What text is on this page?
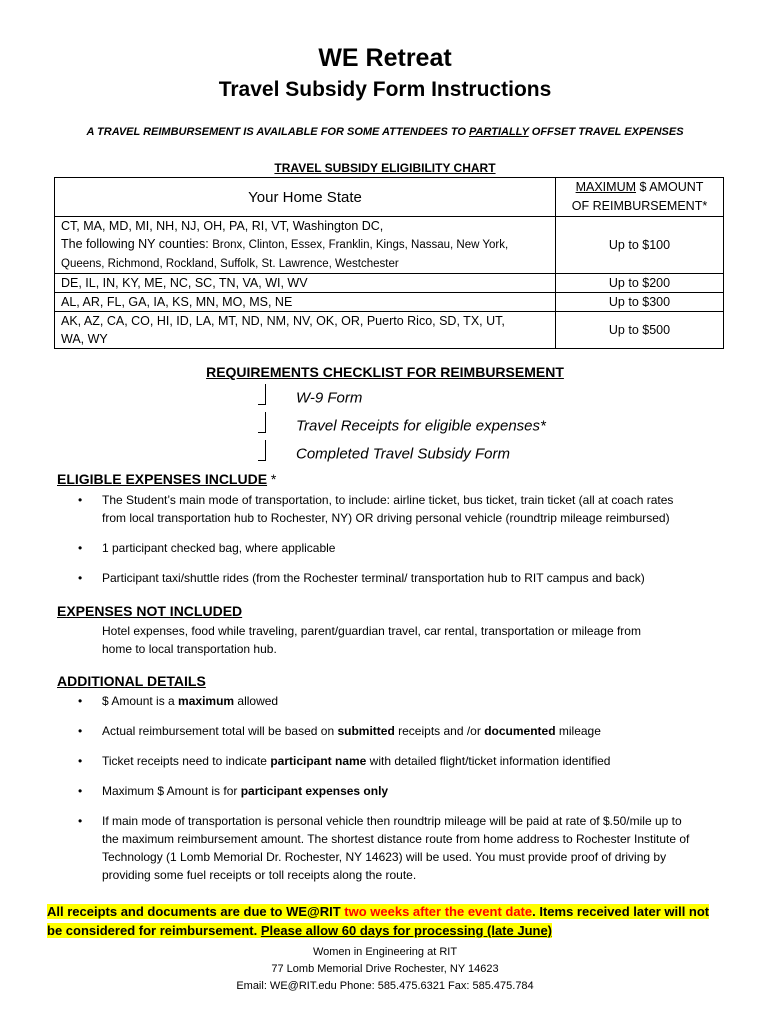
WE Retreat
Travel Subsidy Form Instructions
A TRAVEL REIMBURSEMENT IS AVAILABLE FOR SOME ATTENDEES TO PARTIALLY OFFSET TRAVEL EXPENSES
TRAVEL SUBSIDY ELIGIBILITY CHART
Your Home State	MAXIMUM $ AMOUNT
OF REIMBURSEMENT*
CT, MA, MD, MI, NH, NJ, OH, PA, RI, VT, Washington DC,
The following NY counties: Bronx, Clinton, Essex, Franklin, Kings, Nassau, New York,
Queens, Richmond, Rockland, Suffolk, St. Lawrence, Westchester	Up to $100
DE, IL, IN, KY, ME, NC, SC, TN, VA, WI, WV	Up to $200
AL, AR, FL, GA, IA, KS, MN, MO, MS, NE	Up to $300
AK, AZ, CA, CO, HI, ID, LA, MT, ND, NM, NV, OK, OR, Puerto Rico, SD, TX, UT,
WA, WY	Up to $500
REQUIREMENTS CHECKLIST FOR REIMBURSEMENT
W-9 Form
Travel Receipts for eligible expenses*
Completed Travel Subsidy Form
ELIGIBLE EXPENSES INCLUDE *
• The Student’s main mode of transportation, to include: airline ticket, bus ticket, train ticket (all at coach rates
from local transportation hub to Rochester, NY) OR driving personal vehicle (roundtrip mileage reimbursed)
• 1 participant checked bag, where applicable
• Participant taxi/shuttle rides (from the Rochester terminal/ transportation hub to RIT campus and back)
EXPENSES NOT INCLUDED
Hotel expenses, food while traveling, parent/guardian travel, car rental, transportation or mileage from
home to local transportation hub.
ADDITIONAL DETAILS
• $ Amount is a maximum allowed
• Actual reimbursement total will be based on submitted receipts and /or documented mileage
• Ticket receipts need to indicate participant name with detailed flight/ticket information identified
• Maximum $ Amount is for participant expenses only
• If main mode of transportation is personal vehicle then roundtrip mileage will be paid at rate of $.50/mile up to
the maximum reimbursement amount. The shortest distance route from home address to Rochester Institute of
Technology (1 Lomb Memorial Dr. Rochester, NY 14623) will be used. You must provide proof of driving by
providing some fuel receipts or toll receipts along the route.
All receipts and documents are due to WE@RIT two weeks after the event date. Items received later will not
be considered for reimbursement. Please allow 60 days for processing (late June)
Women in Engineering at RIT
77 Lomb Memorial Drive Rochester, NY 14623
Email: WE@RIT.edu Phone: 585.475.6321 Fax: 585.475.784
